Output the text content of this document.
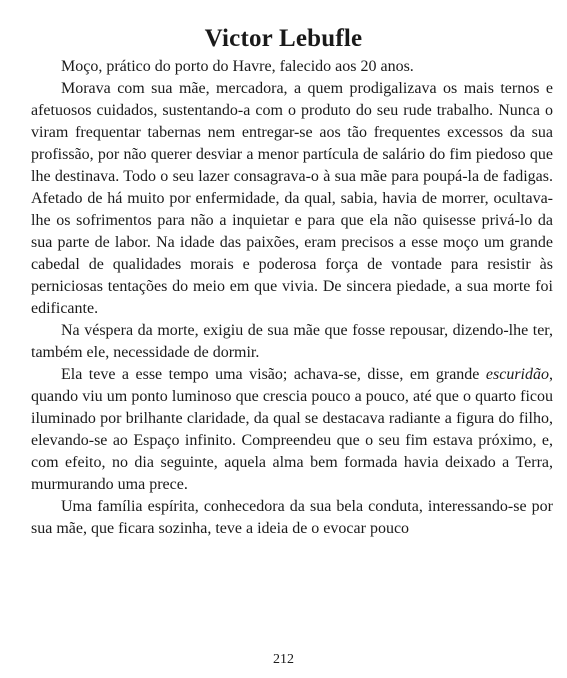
Victor Lebufle

Moço, prático do porto do Havre, falecido aos 20 anos.

Morava com sua mãe, mercadora, a quem prodigalizava os mais ternos e afetuosos cuidados, sustentando-a com o produto do seu rude trabalho. Nunca o viram frequentar tabernas nem entregar-se aos tão frequentes excessos da sua profissão, por não querer desviar a menor partícula de salário do fim piedoso que lhe destinava. Todo o seu lazer consagrava-o à sua mãe para poupá-la de fadigas. Afetado de há muito por enfermidade, da qual, sabia, havia de morrer, ocultava-lhe os sofrimentos para não a inquietar e para que ela não quisesse privá-lo da sua parte de labor. Na idade das paixões, eram precisos a esse moço um grande cabedal de qualidades morais e poderosa força de vontade para resistir às perniciosas tentações do meio em que vivia. De sincera piedade, a sua morte foi edificante.

Na véspera da morte, exigiu de sua mãe que fosse repousar, dizendo-lhe ter, também ele, necessidade de dormir.

Ela teve a esse tempo uma visão; achava-se, disse, em grande escuridão, quando viu um ponto luminoso que crescia pouco a pouco, até que o quarto ficou iluminado por brilhante claridade, da qual se destacava radiante a figura do filho, elevando-se ao Espaço infinito. Compreendeu que o seu fim estava próximo, e, com efeito, no dia seguinte, aquela alma bem formada havia deixado a Terra, murmurando uma prece.

Uma família espírita, conhecedora da sua bela conduta, interessando-se por sua mãe, que ficara sozinha, teve a ideia de o evocar pouco

212
